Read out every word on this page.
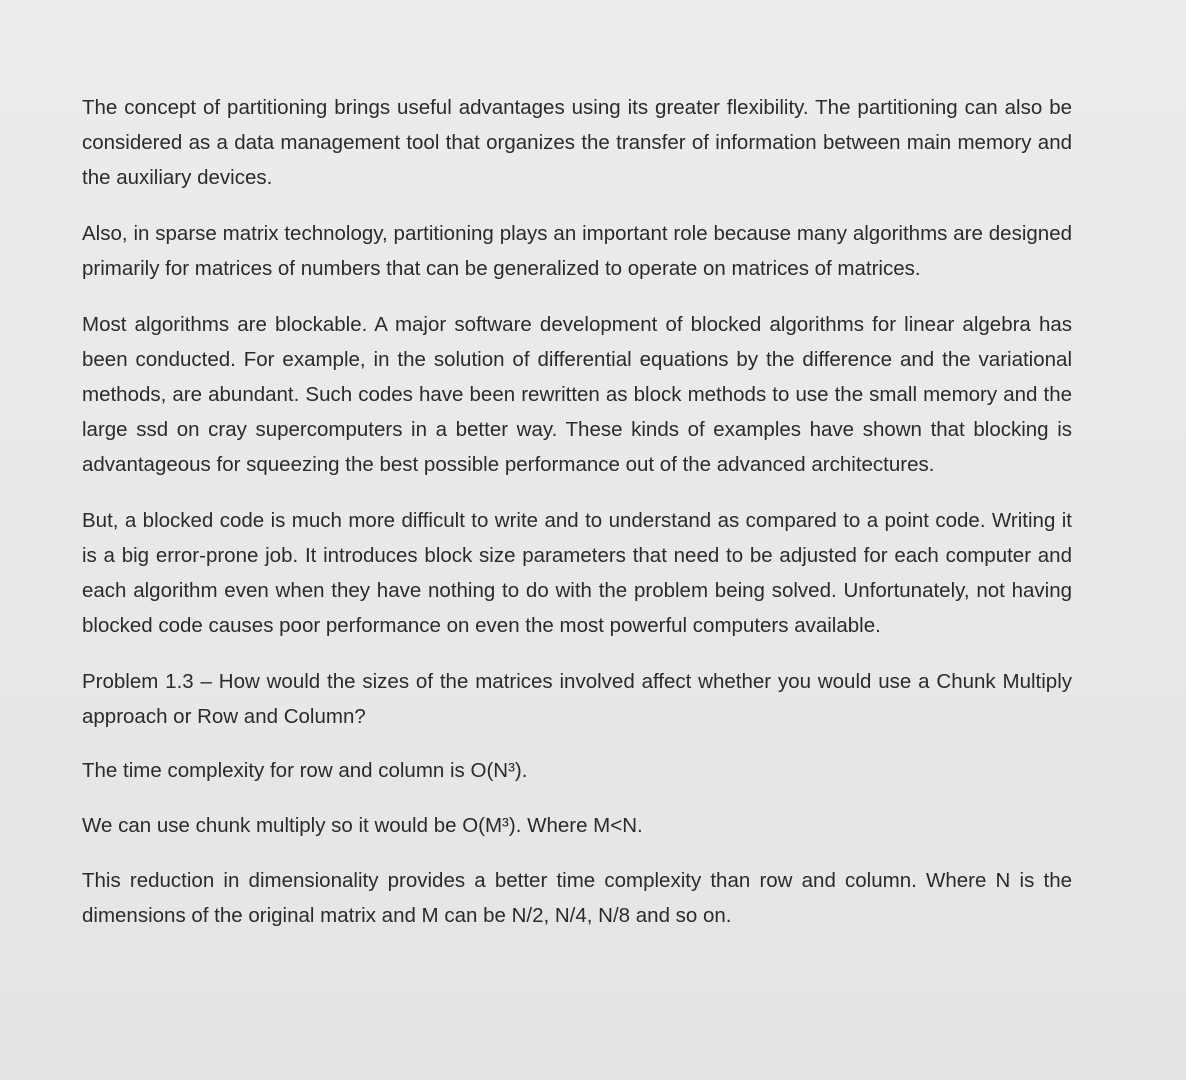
The concept of partitioning brings useful advantages using its greater flexibility. The partitioning can also be considered as a data management tool that organizes the transfer of information between main memory and the auxiliary devices.

Also, in sparse matrix technology, partitioning plays an important role because many algorithms are designed primarily for matrices of numbers that can be generalized to operate on matrices of matrices.

Most algorithms are blockable. A major software development of blocked algorithms for linear algebra has been conducted. For example, in the solution of differential equations by the difference and the variational methods, are abundant. Such codes have been rewritten as block methods to use the small memory and the large ssd on cray supercomputers in a better way. These kinds of examples have shown that blocking is advantageous for squeezing the best possible performance out of the advanced architectures.

But, a blocked code is much more difficult to write and to understand as compared to a point code. Writing it is a big error-prone job. It introduces block size parameters that need to be adjusted for each computer and each algorithm even when they have nothing to do with the problem being solved. Unfortunately, not having blocked code causes poor performance on even the most powerful computers available.

Problem 1.3 – How would the sizes of the matrices involved affect whether you would use a Chunk Multiply approach or Row and Column?

The time complexity for row and column is O(N³).

We can use chunk multiply so it would be O(M³). Where M<N.

This reduction in dimensionality provides a better time complexity than row and column. Where N is the dimensions of the original matrix and M can be N/2, N/4, N/8 and so on.
